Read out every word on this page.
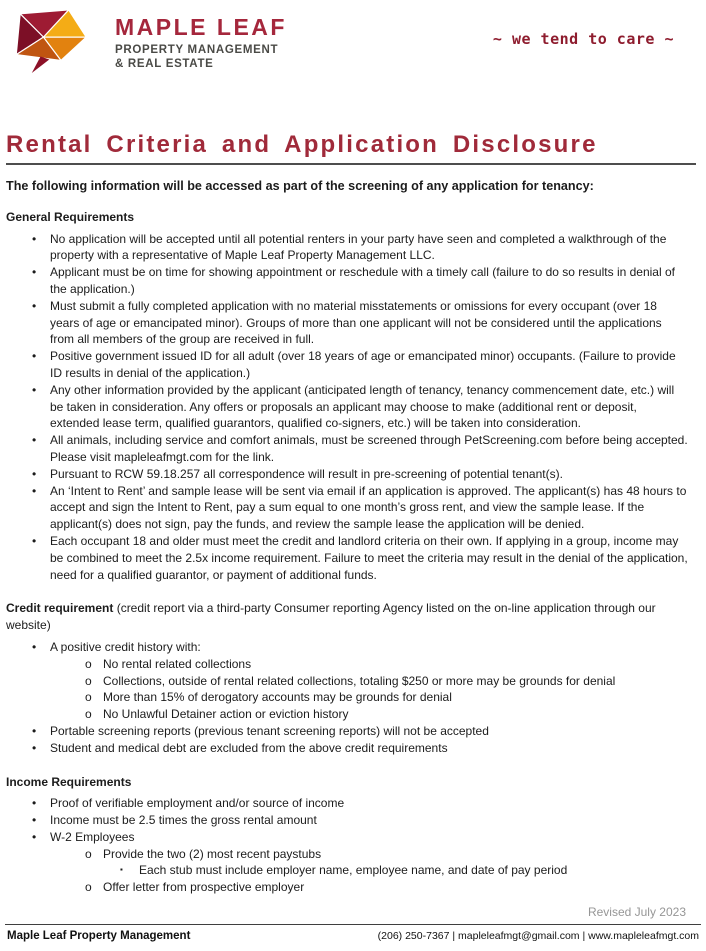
MAPLE LEAF
PROPERTY MANAGEMENT
& REAL ESTATE
~ we tend to care ~
Rental Criteria and Application Disclosure

The following information will be accessed as part of the screening of any application for tenancy:

General Requirements
•	No application will be accepted until all potential renters in your party have seen and completed a walkthrough of the property with a representative of Maple Leaf Property Management LLC.
•	Applicant must be on time for showing appointment or reschedule with a timely call (failure to do so results in denial of the application.)
•	Must submit a fully completed application with no material misstatements or omissions for every occupant (over 18 years of age or emancipated minor). Groups of more than one applicant will not be considered until the applications from all members of the group are received in full.
•	Positive government issued ID for all adult (over 18 years of age or emancipated minor) occupants. (Failure to provide ID results in denial of the application.)
•	Any other information provided by the applicant (anticipated length of tenancy, tenancy commencement date, etc.) will be taken in consideration. Any offers or proposals an applicant may choose to make (additional rent or deposit, extended lease term, qualified guarantors, qualified co-signers, etc.) will be taken into consideration.
•	All animals, including service and comfort animals, must be screened through PetScreening.com before being accepted. Please visit mapleleafmgt.com for the link.
•	Pursuant to RCW 59.18.257 all correspondence will result in pre-screening of potential tenant(s).
•	An ‘Intent to Rent’ and sample lease will be sent via email if an application is approved. The applicant(s) has 48 hours to accept and sign the Intent to Rent, pay a sum equal to one month’s gross rent, and view the sample lease. If the applicant(s) does not sign, pay the funds, and review the sample lease the application will be denied.
•	Each occupant 18 and older must meet the credit and landlord criteria on their own. If applying in a group, income may be combined to meet the 2.5x income requirement. Failure to meet the criteria may result in the denial of the application, need for a qualified guarantor, or payment of additional funds.
Credit requirement (credit report via a third-party Consumer reporting Agency listed on the on-line application through our website)
•	A positive credit history with:
o No rental related collections
o Collections, outside of rental related collections, totaling $250 or more may be grounds for denial
o More than 15% of derogatory accounts may be grounds for denial
o No Unlawful Detainer action or eviction history
•	Portable screening reports (previous tenant screening reports) will not be accepted
•	Student and medical debt are excluded from the above credit requirements
Income Requirements
•	Proof of verifiable employment and/or source of income
•	Income must be 2.5 times the gross rental amount
•	W-2 Employees
o Provide the two (2) most recent paystubs
▪	Each stub must include employer name, employee name, and date of pay period
o Offer letter from prospective employer
Revised July 2023
Maple Leaf Property Management	(206) 250-7367 | mapleleafmgt@gmail.com | www.mapleleafmgt.com
